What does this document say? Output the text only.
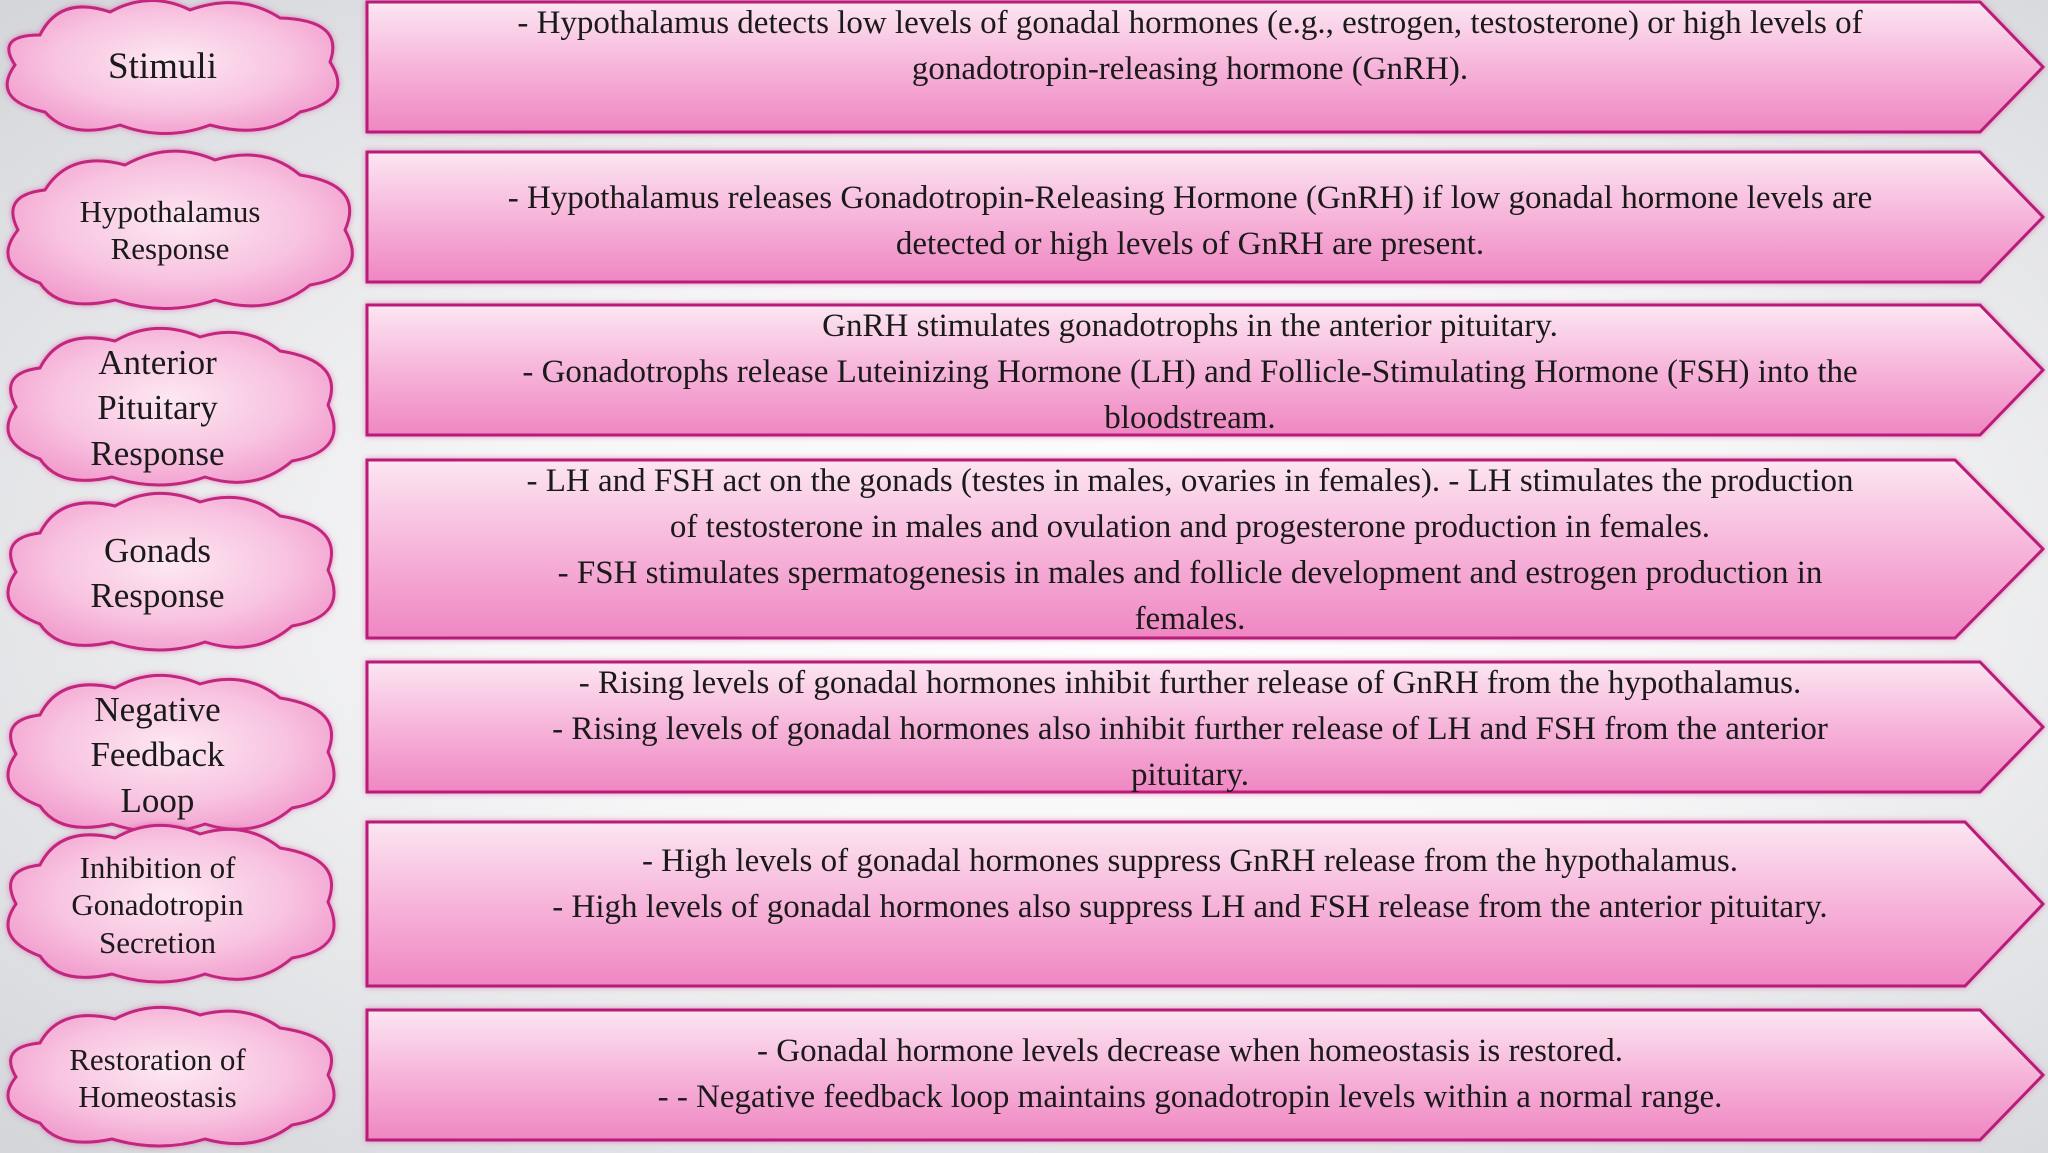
Stimuli
- Hypothalamus detects low levels of gonadal hormones (e.g., estrogen, testosterone) or high levels of
gonadotropin-releasing hormone (GnRH).
Hypothalamus
Response
- Hypothalamus releases Gonadotropin-Releasing Hormone (GnRH) if low gonadal hormone levels are
detected or high levels of GnRH are present.
Anterior
Pituitary
Response
GnRH stimulates gonadotrophs in the anterior pituitary.
- Gonadotrophs release Luteinizing Hormone (LH) and Follicle-Stimulating Hormone (FSH) into the
bloodstream.
Gonads
Response
- LH and FSH act on the gonads (testes in males, ovaries in females). - LH stimulates the production
of testosterone in males and ovulation and progesterone production in females.
- FSH stimulates spermatogenesis in males and follicle development and estrogen production in
females.
Negative
Feedback
Loop
- Rising levels of gonadal hormones inhibit further release of GnRH from the hypothalamus.
- Rising levels of gonadal hormones also inhibit further release of LH and FSH from the anterior
pituitary.
Inhibition of
Gonadotropin
Secretion
- High levels of gonadal hormones suppress GnRH release from the hypothalamus.
- High levels of gonadal hormones also suppress LH and FSH release from the anterior pituitary.
Restoration of
Homeostasis
- Gonadal hormone levels decrease when homeostasis is restored.
- - Negative feedback loop maintains gonadotropin levels within a normal range.
